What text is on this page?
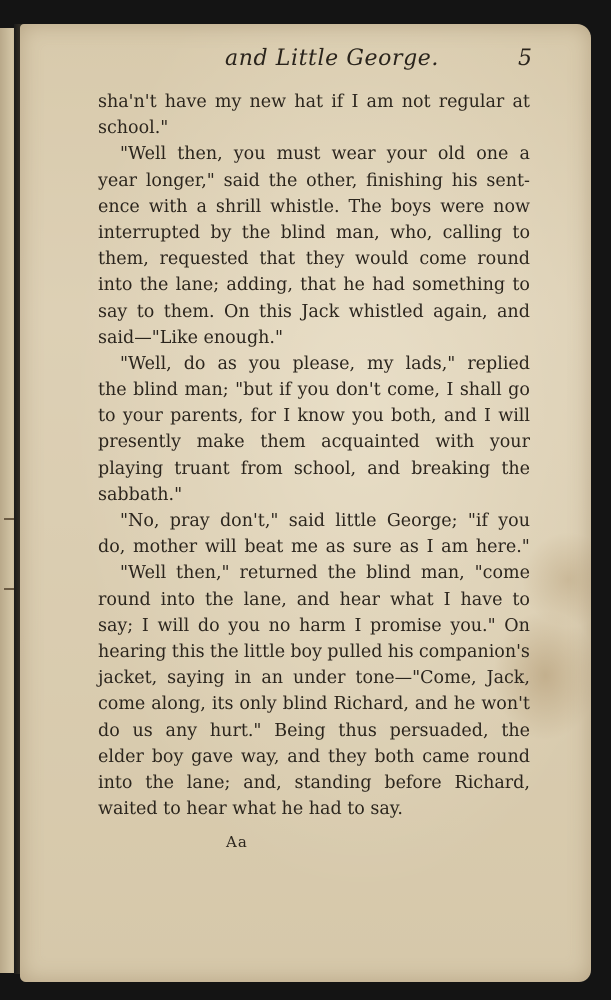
and Little George.	5
sha'n't have my new hat if I am not regular at
school."
"Well then, you must wear your old one a
year longer," said the other, finishing his sent-
ence with a shrill whistle. The boys were now
interrupted by the blind man, who, calling to
them, requested that they would come round
into the lane; adding, that he had something to
say to them. On this Jack whistled again, and
said—"Like enough."
"Well, do as you please, my lads," replied
the blind man; "but if you don't come, I shall go
to your parents, for I know you both, and I will
presently make them acquainted with your
playing truant from school, and breaking the
sabbath."
"No, pray don't," said little George; "if you
do, mother will beat me as sure as I am here."
"Well then," returned the blind man, "come
round into the lane, and hear what I have to
say; I will do you no harm I promise you." On
hearing this the little boy pulled his companion's
jacket, saying in an under tone—"Come, Jack,
come along, its only blind Richard, and he won't
do us any hurt." Being thus persuaded, the
elder boy gave way, and they both came round
into the lane; and, standing before Richard,
waited to hear what he had to say.
Aa
